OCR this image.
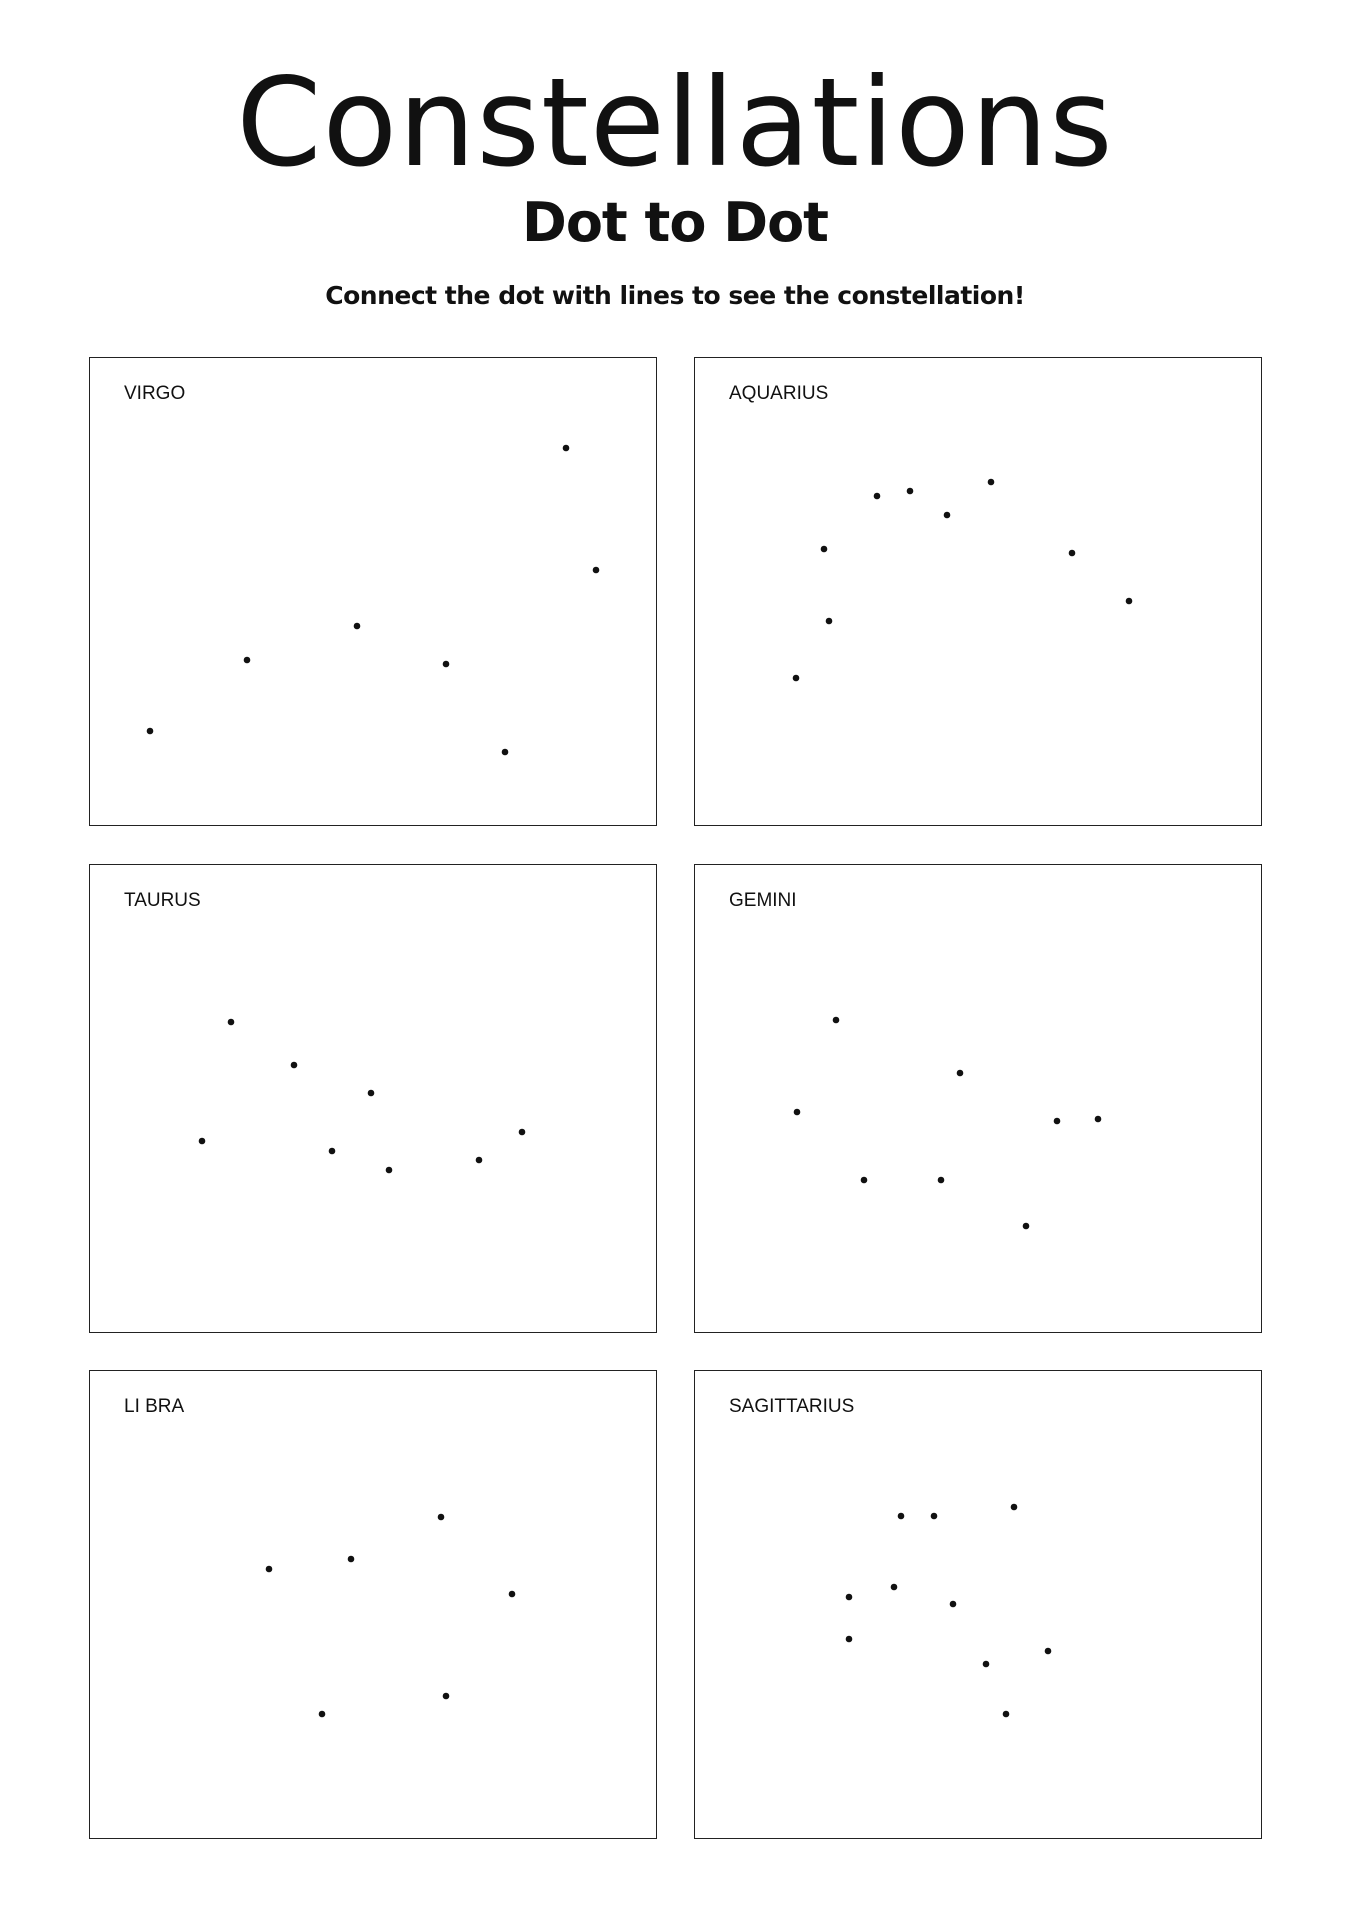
Constellations
Dot to Dot
Connect the dot with lines to see the constellation!
VIRGO	AQUARIUS
TAURUS	GEMINI
LI BRA	SAGITTARIUS
